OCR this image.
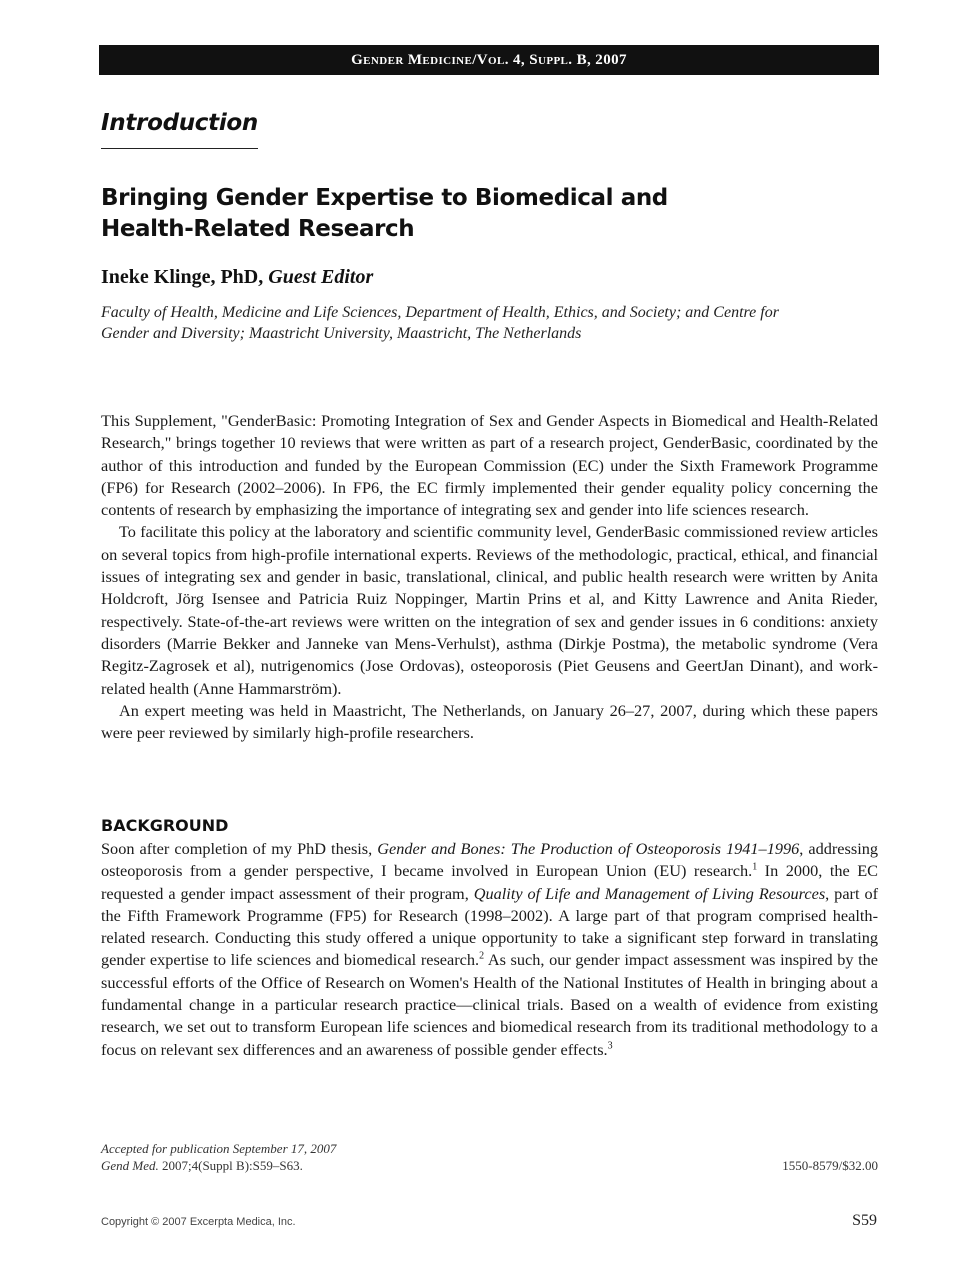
Gender Medicine/Vol. 4, Suppl. B, 2007
Introduction
Bringing Gender Expertise to Biomedical and
Health-Related Research
Ineke Klinge, PhD, Guest Editor
Faculty of Health, Medicine and Life Sciences, Department of Health, Ethics, and Society; and Centre for
Gender and Diversity; Maastricht University, Maastricht, The Netherlands

This Supplement, "GenderBasic: Promoting Integration of Sex and Gender Aspects in Biomedical and Health-Related Research," brings together 10 reviews that were written as part of a research project, GenderBasic, coordinated by the author of this introduction and funded by the European Commission (EC) under the Sixth Framework Programme (FP6) for Research (2002–2006). In FP6, the EC firmly implemented their gender equality policy concerning the contents of research by emphasizing the importance of integrating sex and gender into life sciences research.

To facilitate this policy at the laboratory and scientific community level, GenderBasic commissioned review articles on several topics from high-profile international experts. Reviews of the methodologic, practical, ethical, and financial issues of integrating sex and gender in basic, translational, clinical, and public health research were written by Anita Holdcroft, Jörg Isensee and Patricia Ruiz Noppinger, Martin Prins et al, and Kitty Lawrence and Anita Rieder, respectively. State-of-the-art reviews were written on the integration of sex and gender issues in 6 conditions: anxiety disorders (Marrie Bekker and Janneke van Mens-Verhulst), asthma (Dirkje Postma), the metabolic syndrome (Vera Regitz-Zagrosek et al), nutrigenomics (Jose Ordovas), osteoporosis (Piet Geusens and GeertJan Dinant), and work-related health (Anne Hammarström).

An expert meeting was held in Maastricht, The Netherlands, on January 26–27, 2007, during which these papers were peer reviewed by similarly high-profile researchers.

BACKGROUND

Soon after completion of my PhD thesis, Gender and Bones: The Production of Osteoporosis 1941–1996, addressing osteoporosis from a gender perspective, I became involved in European Union (EU) research.$^1$ In 2000, the EC requested a gender impact assessment of their program, Quality of Life and Management of Living Resources, part of the Fifth Framework Programme (FP5) for Research (1998–2002). A large part of that program comprised health-related research. Conducting this study offered a unique opportunity to take a significant step forward in translating gender expertise to life sciences and biomedical research.$^2$ As such, our gender impact assessment was inspired by the successful efforts of the Office of Research on Women's Health of the National Institutes of Health in bringing about a fundamental change in a particular research practice—clinical trials. Based on a wealth of evidence from existing research, we set out to transform European life sciences and biomedical research from its traditional methodology to a focus on relevant sex differences and an awareness of possible gender effects.$^3$

Accepted for publication September 17, 2007
Gend Med. 2007;4(Suppl B):S59–S63.	1550-8579/$32.00
Copyright © 2007 Excerpta Medica, Inc.	S59
